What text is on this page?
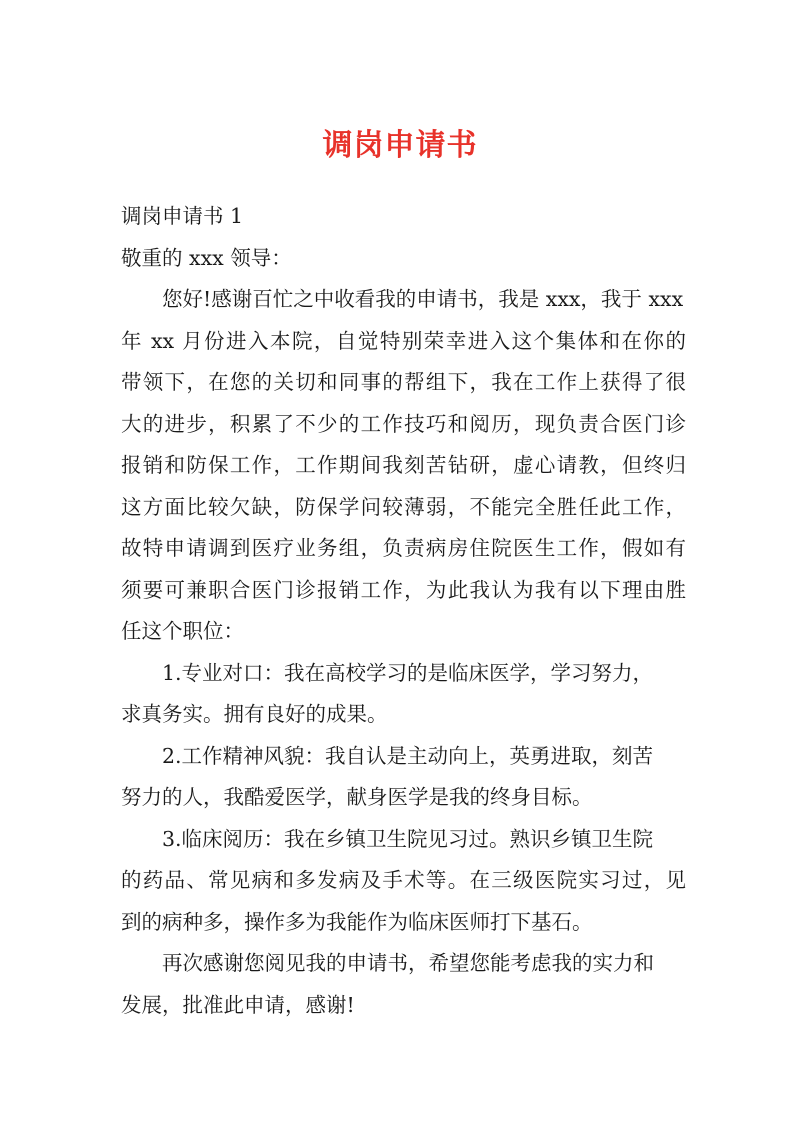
调岗申请书
调岗申请书 1
敬重的 xxx 领导：
您好!感谢百忙之中收看我的申请书，我是 xxx，我于 xxx
年 xx 月份进入本院，自觉特别荣幸进入这个集体和在你的
带领下，在您的关切和同事的帮组下，我在工作上获得了很
大的进步，积累了不少的工作技巧和阅历，现负责合医门诊
报销和防保工作，工作期间我刻苦钻研，虚心请教，但终归
这方面比较欠缺，防保学问较薄弱，不能完全胜任此工作，
故特申请调到医疗业务组，负责病房住院医生工作，假如有
须要可兼职合医门诊报销工作，为此我认为我有以下理由胜
任这个职位：
1.专业对口：我在高校学习的是临床医学，学习努力，
求真务实。拥有良好的成果。
2.工作精神风貌：我自认是主动向上，英勇进取，刻苦
努力的人，我酷爱医学，献身医学是我的终身目标。
3.临床阅历：我在乡镇卫生院见习过。熟识乡镇卫生院
的药品、常见病和多发病及手术等。在三级医院实习过，见
到的病种多，操作多为我能作为临床医师打下基石。
再次感谢您阅见我的申请书，希望您能考虑我的实力和
发展，批准此申请，感谢!
